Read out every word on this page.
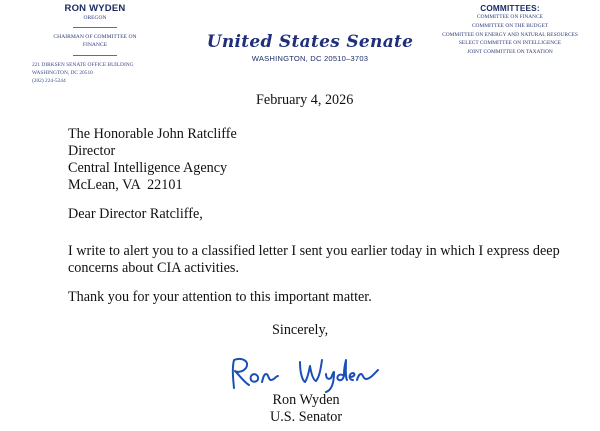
RON WYDEN
OREGON
CHAIRMAN OF COMMITTEE ON
FINANCE
221 DIRKSEN SENATE OFFICE BUILDING
WASHINGTON, DC 20510
(202) 224-5244
United States Senate
WASHINGTON, DC 20510–3703
COMMITTEES:
COMMITTEE ON FINANCE
COMMITTEE ON THE BUDGET
COMMITTEE ON ENERGY AND NATURAL RESOURCES
SELECT COMMITTEE ON INTELLIGENCE
JOINT COMMITTEE ON TAXATION
February 4, 2026
The Honorable John Ratcliffe
Director
Central Intelligence Agency
McLean, VA  22101
Dear Director Ratcliffe,
I write to alert you to a classified letter I sent you earlier today in which I express deep concerns about CIA activities.
Thank you for your attention to this important matter.
Sincerely,
Ron Wyden
U.S. Senator
